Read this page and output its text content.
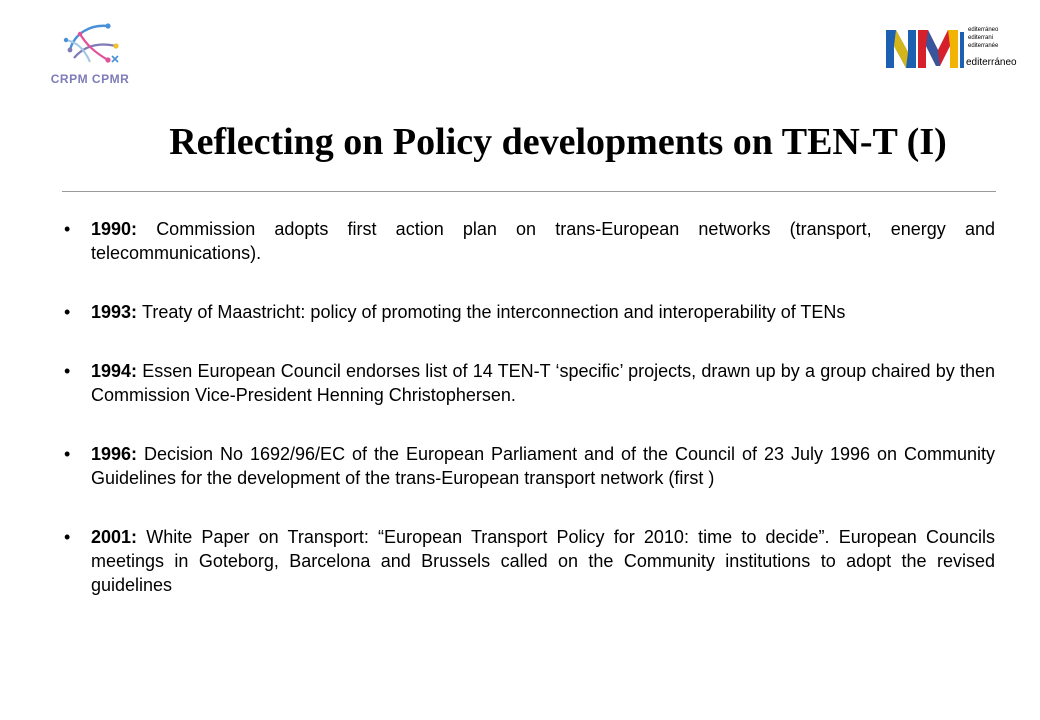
CRPM CPMR
editerráneo
editerrani
editerranée
editerráneo
Reflecting on Policy developments on TEN-T (I)
• 1990: Commission adopts first action plan on trans-European networks (transport, energy and telecommunications).
• 1993: Treaty of Maastricht: policy of promoting the interconnection and interoperability of TENs
• 1994: Essen European Council endorses list of 14 TEN-T ‘specific’ projects, drawn up by a group chaired by then Commission Vice-President Henning Christophersen.
• 1996: Decision No 1692/96/EC of the European Parliament and of the Council of 23 July 1996 on Community Guidelines for the development of the trans-European transport network (first )
• 2001: White Paper on Transport: “European Transport Policy for 2010: time to decide”. European Councils meetings in Goteborg, Barcelona and Brussels called on the Community institutions to adopt the revised guidelines
